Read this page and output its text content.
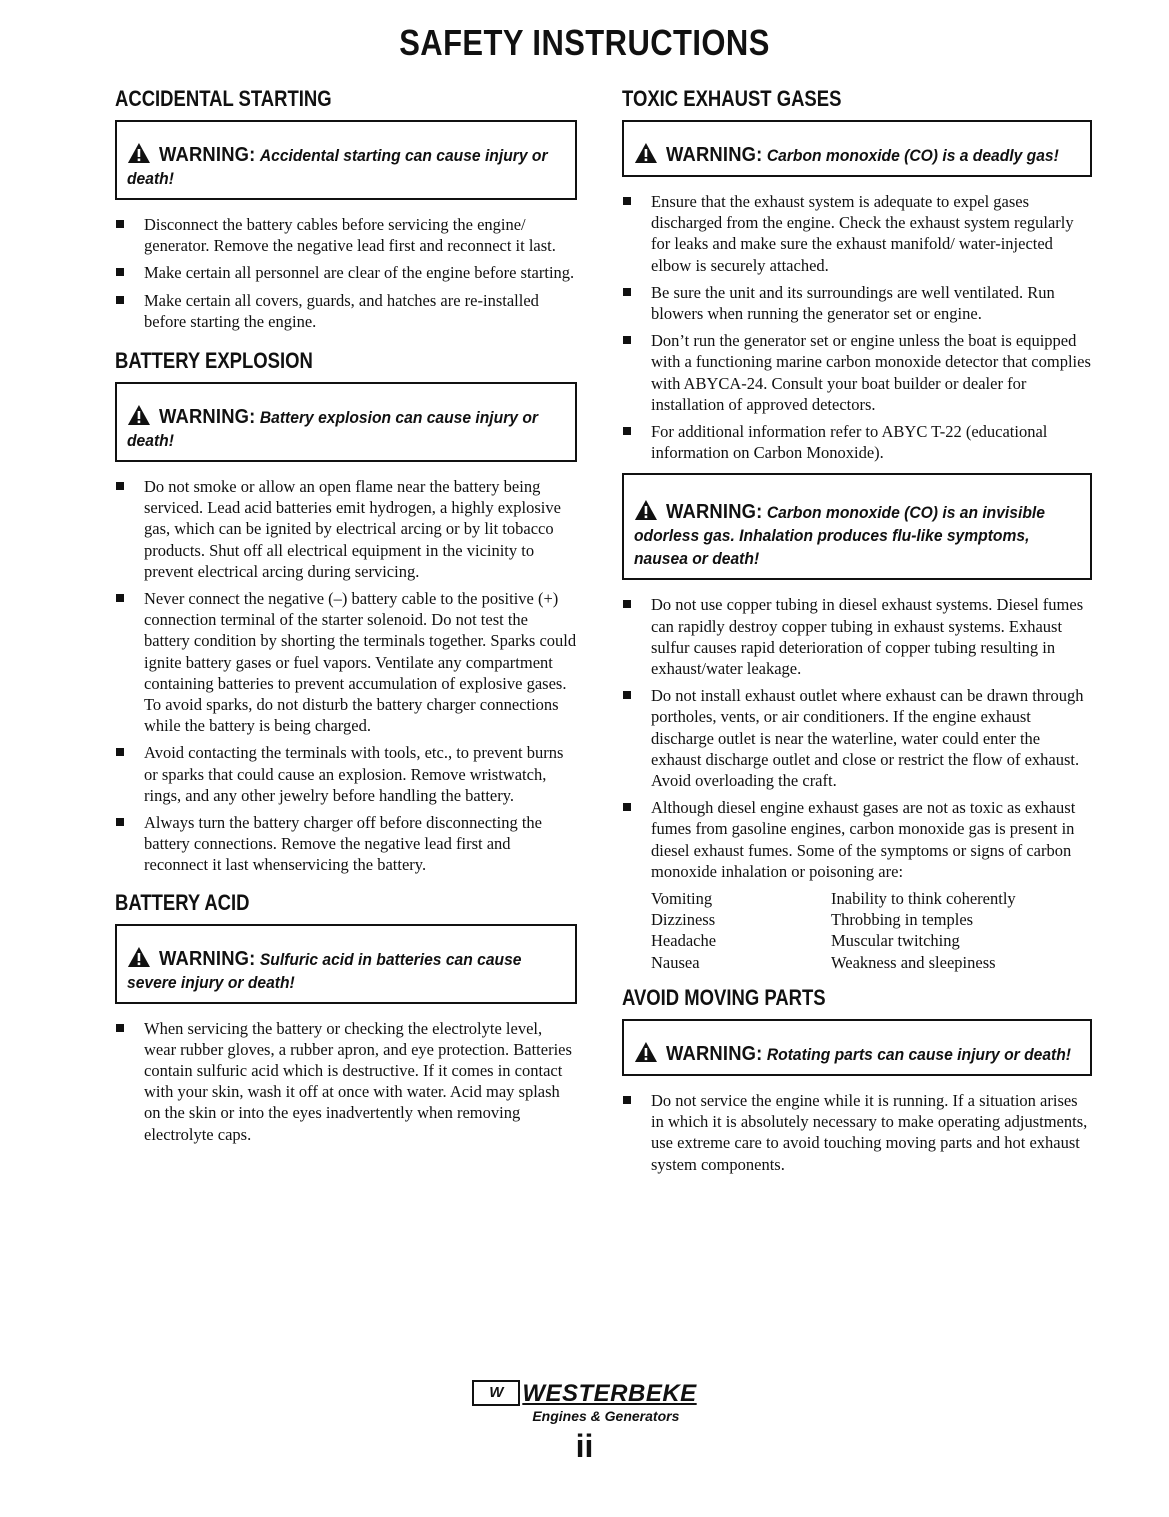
SAFETY INSTRUCTIONS
ACCIDENTAL STARTING
WARNING: Accidental starting can cause injury or death!
Disconnect the battery cables before servicing the engine/ generator. Remove the negative lead first and reconnect it last.
Make certain all personnel are clear of the engine before starting.
Make certain all covers, guards, and hatches are re-installed before starting the engine.
BATTERY EXPLOSION
WARNING: Battery explosion can cause injury or death!
Do not smoke or allow an open flame near the battery being serviced. Lead acid batteries emit hydrogen, a highly explosive gas, which can be ignited by electrical arcing or by lit tobacco products. Shut off all electrical equipment in the vicinity to prevent electrical arcing during servicing.
Never connect the negative (–) battery cable to the positive (+) connection terminal of the starter solenoid. Do not test the battery condition by shorting the terminals together. Sparks could ignite battery gases or fuel vapors. Ventilate any compartment containing batteries to prevent accumulation of explosive gases. To avoid sparks, do not disturb the battery charger connections while the battery is being charged.
Avoid contacting the terminals with tools, etc., to prevent burns or sparks that could cause an explosion. Remove wristwatch, rings, and any other jewelry before handling the battery.
Always turn the battery charger off before disconnecting the battery connections. Remove the negative lead first and reconnect it last whenservicing the battery.
BATTERY ACID
WARNING: Sulfuric acid in batteries can cause severe injury or death!
When servicing the battery or checking the electrolyte level, wear rubber gloves, a rubber apron, and eye protection. Batteries contain sulfuric acid which is destructive. If it comes in contact with your skin, wash it off at once with water. Acid may splash on the skin or into the eyes inadvertently when removing electrolyte caps.
TOXIC EXHAUST GASES
WARNING: Carbon monoxide (CO) is a deadly gas!
Ensure that the exhaust system is adequate to expel gases discharged from the engine. Check the exhaust system regularly for leaks and make sure the exhaust manifold/ water-injected elbow is securely attached.
Be sure the unit and its surroundings are well ventilated. Run blowers when running the generator set or engine.
Don’t run the generator set or engine unless the boat is equipped with a functioning marine carbon monoxide detector that complies with ABYCA-24. Consult your boat builder or dealer for installation of approved detectors.
For additional information refer to ABYC T-22 (educational information on Carbon Monoxide).
WARNING: Carbon monoxide (CO) is an invisible odorless gas. Inhalation produces flu-like symptoms, nausea or death!
Do not use copper tubing in diesel exhaust systems. Diesel fumes can rapidly destroy copper tubing in exhaust systems. Exhaust sulfur causes rapid deterioration of copper tubing resulting in exhaust/water leakage.
Do not install exhaust outlet where exhaust can be drawn through portholes, vents, or air conditioners. If the engine exhaust discharge outlet is near the waterline, water could enter the exhaust discharge outlet and close or restrict the flow of exhaust. Avoid overloading the craft.
Although diesel engine exhaust gases are not as toxic as exhaust fumes from gasoline engines, carbon monoxide gas is present in diesel exhaust fumes. Some of the symptoms or signs of carbon monoxide inhalation or poisoning are:
Vomiting	Inability to think coherently
Dizziness	Throbbing in temples
Headache	Muscular twitching
Nausea	Weakness and sleepiness
AVOID MOVING PARTS
WARNING: Rotating parts can cause injury or death!
Do not service the engine while it is running. If a situation arises in which it is absolutely necessary to make operating adjustments, use extreme care to avoid touching moving parts and hot exhaust system components.
W WESTERBEKE
Engines & Generators
ii
